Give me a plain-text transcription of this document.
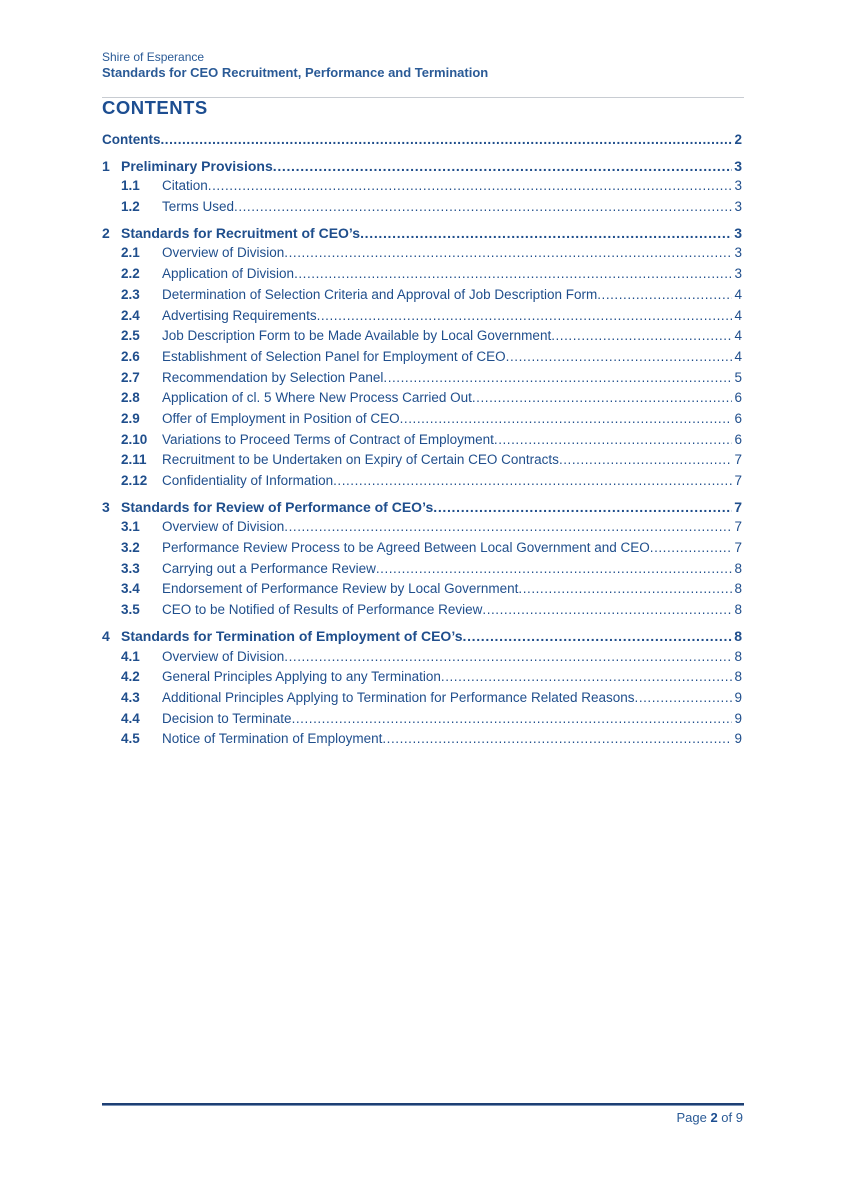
Shire of Esperance
Standards for CEO Recruitment, Performance and Termination
CONTENTS
Contents . . .	2
1 Preliminary Provisions . . .	3
1.1	Citation . . .	3
1.2	Terms Used . . .	3
2 Standards for Recruitment of CEO’s . . .	3
2.1	Overview of Division . . .	3
2.2	Application of Division . . .	3
2.3	Determination of Selection Criteria and Approval of Job Description Form . . .	4
2.4	Advertising Requirements . . .	4
2.5	Job Description Form to be Made Available by Local Government . . .	4
2.6	Establishment of Selection Panel for Employment of CEO . . .	4
2.7	Recommendation by Selection Panel . . .	5
2.8	Application of cl. 5 Where New Process Carried Out . . .	6
2.9	Offer of Employment in Position of CEO . . .	6
2.10	Variations to Proceed Terms of Contract of Employment . . .	6
2.11	Recruitment to be Undertaken on Expiry of Certain CEO Contracts . . .	7
2.12	Confidentiality of Information . . .	7
3 Standards for Review of Performance of CEO’s . . .	7
3.1	Overview of Division . . .	7
3.2	Performance Review Process to be Agreed Between Local Government and CEO . . .	7
3.3	Carrying out a Performance Review . . .	8
3.4	Endorsement of Performance Review by Local Government . . .	8
3.5	CEO to be Notified of Results of Performance Review . . .	8
4 Standards for Termination of Employment of CEO’s . . .	8
4.1	Overview of Division . . .	8
4.2	General Principles Applying to any Termination . . .	8
4.3	Additional Principles Applying to Termination for Performance Related Reasons . . .	9
4.4	Decision to Terminate . . .	9
4.5	Notice of Termination of Employment . . .	9
Page 2 of 9
